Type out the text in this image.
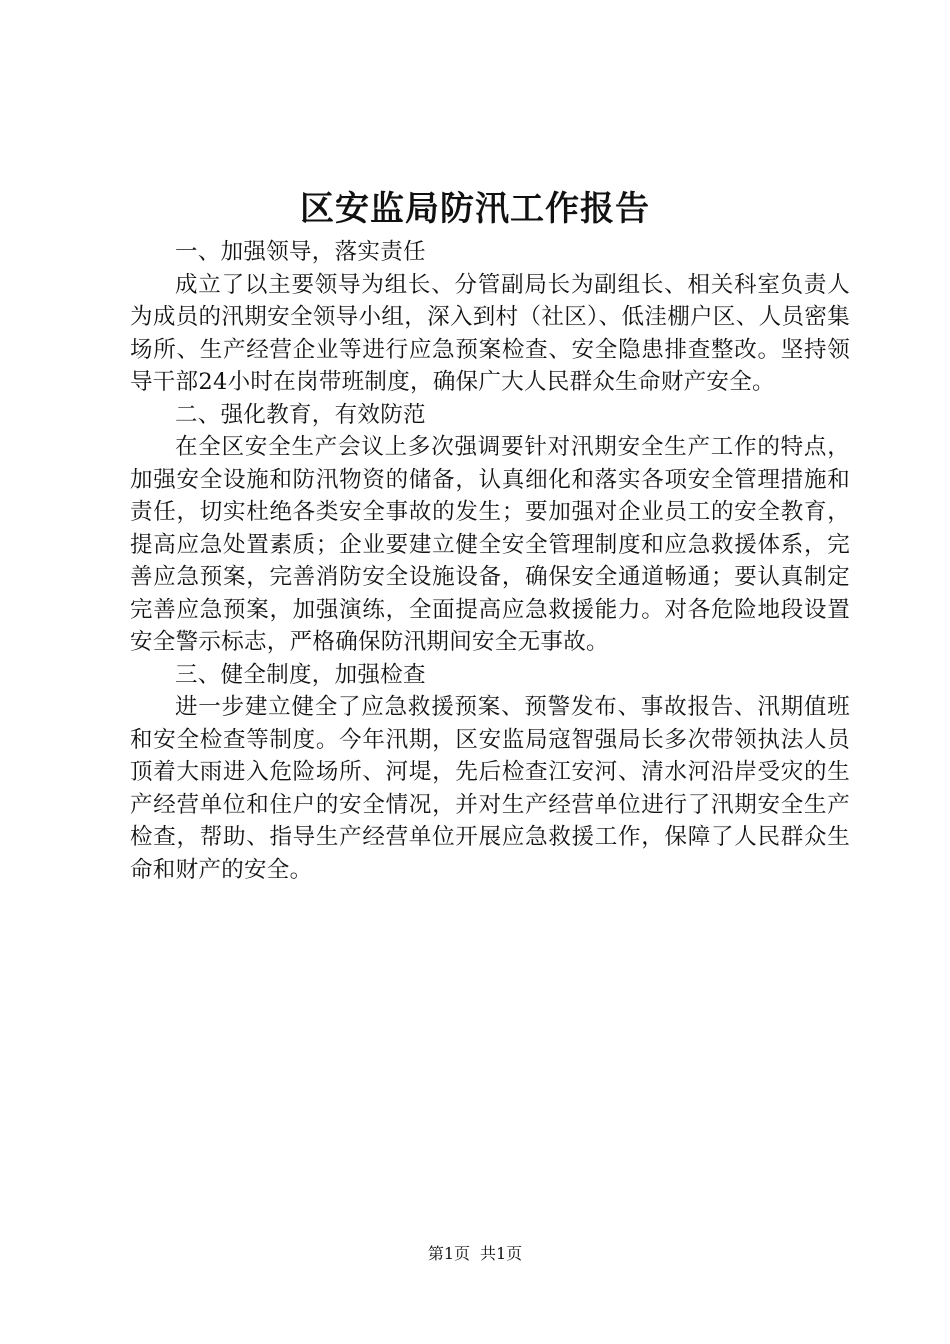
区安监局防汛工作报告

一、加强领导，落实责任

成立了以主要领导为组长、分管副局长为副组长、相关科室负责人为成员的汛期安全领导小组，深入到村（社区）、低洼棚户区、人员密集场所、生产经营企业等进行应急预案检查、安全隐患排查整改。坚持领导干部24小时在岗带班制度，确保广大人民群众生命财产安全。

二、强化教育，有效防范

在全区安全生产会议上多次强调要针对汛期安全生产工作的特点，加强安全设施和防汛物资的储备，认真细化和落实各项安全管理措施和责任，切实杜绝各类安全事故的发生；要加强对企业员工的安全教育，提高应急处置素质；企业要建立健全安全管理制度和应急救援体系，完善应急预案，完善消防安全设施设备，确保安全通道畅通；要认真制定完善应急预案，加强演练，全面提高应急救援能力。对各危险地段设置安全警示标志，严格确保防汛期间安全无事故。

三、健全制度，加强检查

进一步建立健全了应急救援预案、预警发布、事故报告、汛期值班和安全检查等制度。今年汛期，区安监局寇智强局长多次带领执法人员顶着大雨进入危险场所、河堤，先后检查江安河、清水河沿岸受灾的生产经营单位和住户的安全情况，并对生产经营单位进行了汛期安全生产检查，帮助、指导生产经营单位开展应急救援工作，保障了人民群众生命和财产的安全。

第1页 共1页
